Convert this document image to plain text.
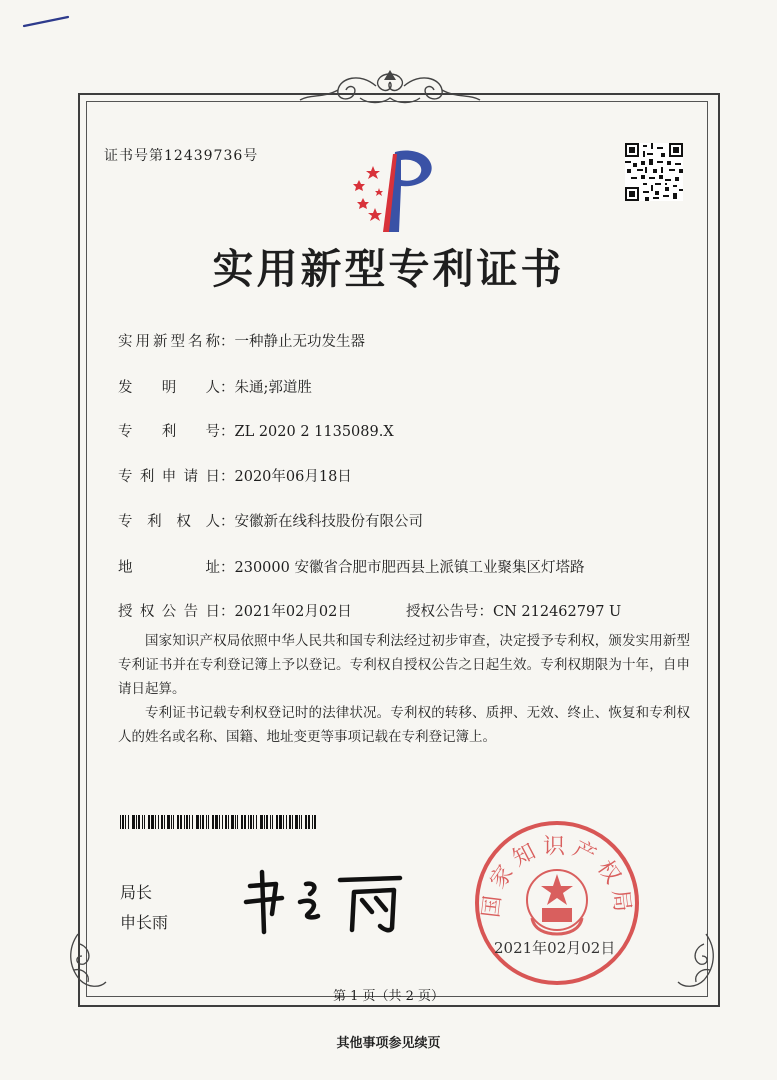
证书号第12439736号
实用新型专利证书
实用新型名称：一种静止无功发生器
发明人：朱通;郭道胜
专利号：ZL 2020 2 1135089.X
专利申请日：2020年06月18日
专利权人：安徽新在线科技股份有限公司
地址：230000 安徽省合肥市肥西县上派镇工业聚集区灯塔路
授权公告日：2021年02月02日	授权公告号：CN 212462797 U
国家知识产权局依照中华人民共和国专利法经过初步审查，决定授予专利权，颁发实用新型专利证书并在专利登记簿上予以登记。专利权自授权公告之日起生效。专利权期限为十年，自申请日起算。
专利证书记载专利权登记时的法律状况。专利权的转移、质押、无效、终止、恢复和专利权人的姓名或名称、国籍、地址变更等事项记载在专利登记簿上。
局长
申长雨
国家知识产权局
2021年02月02日
第 1 页（共 2 页）
其他事项参见续页
